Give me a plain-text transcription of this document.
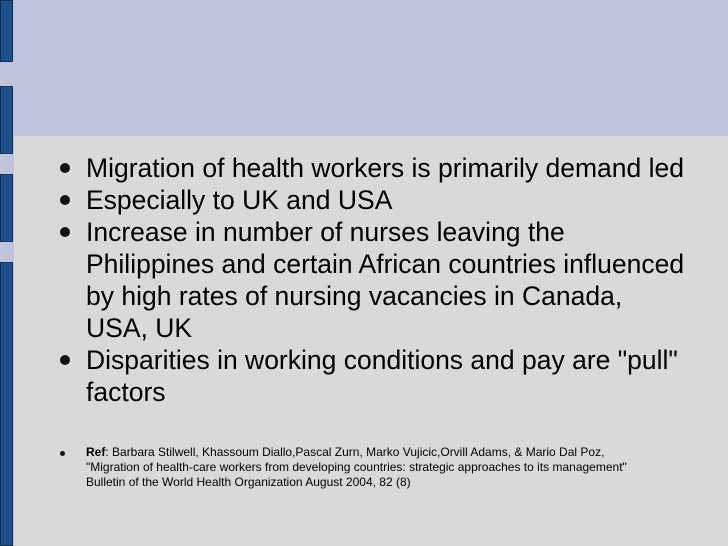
Migration of health workers is primarily demand led
Especially to UK and USA
Increase in number of nurses leaving the Philippines and certain African countries influenced by high rates of nursing vacancies in Canada, USA, UK
Disparities in working conditions and pay are "pull" factors
Ref: Barbara Stilwell, Khassoum Diallo,Pascal Zurn, Marko Vujicic,Orvill Adams, & Mario Dal Poz,
"Migration of health-care workers from developing countries: strategic approaches to its management"
Bulletin of the World Health Organization August 2004, 82 (8)
